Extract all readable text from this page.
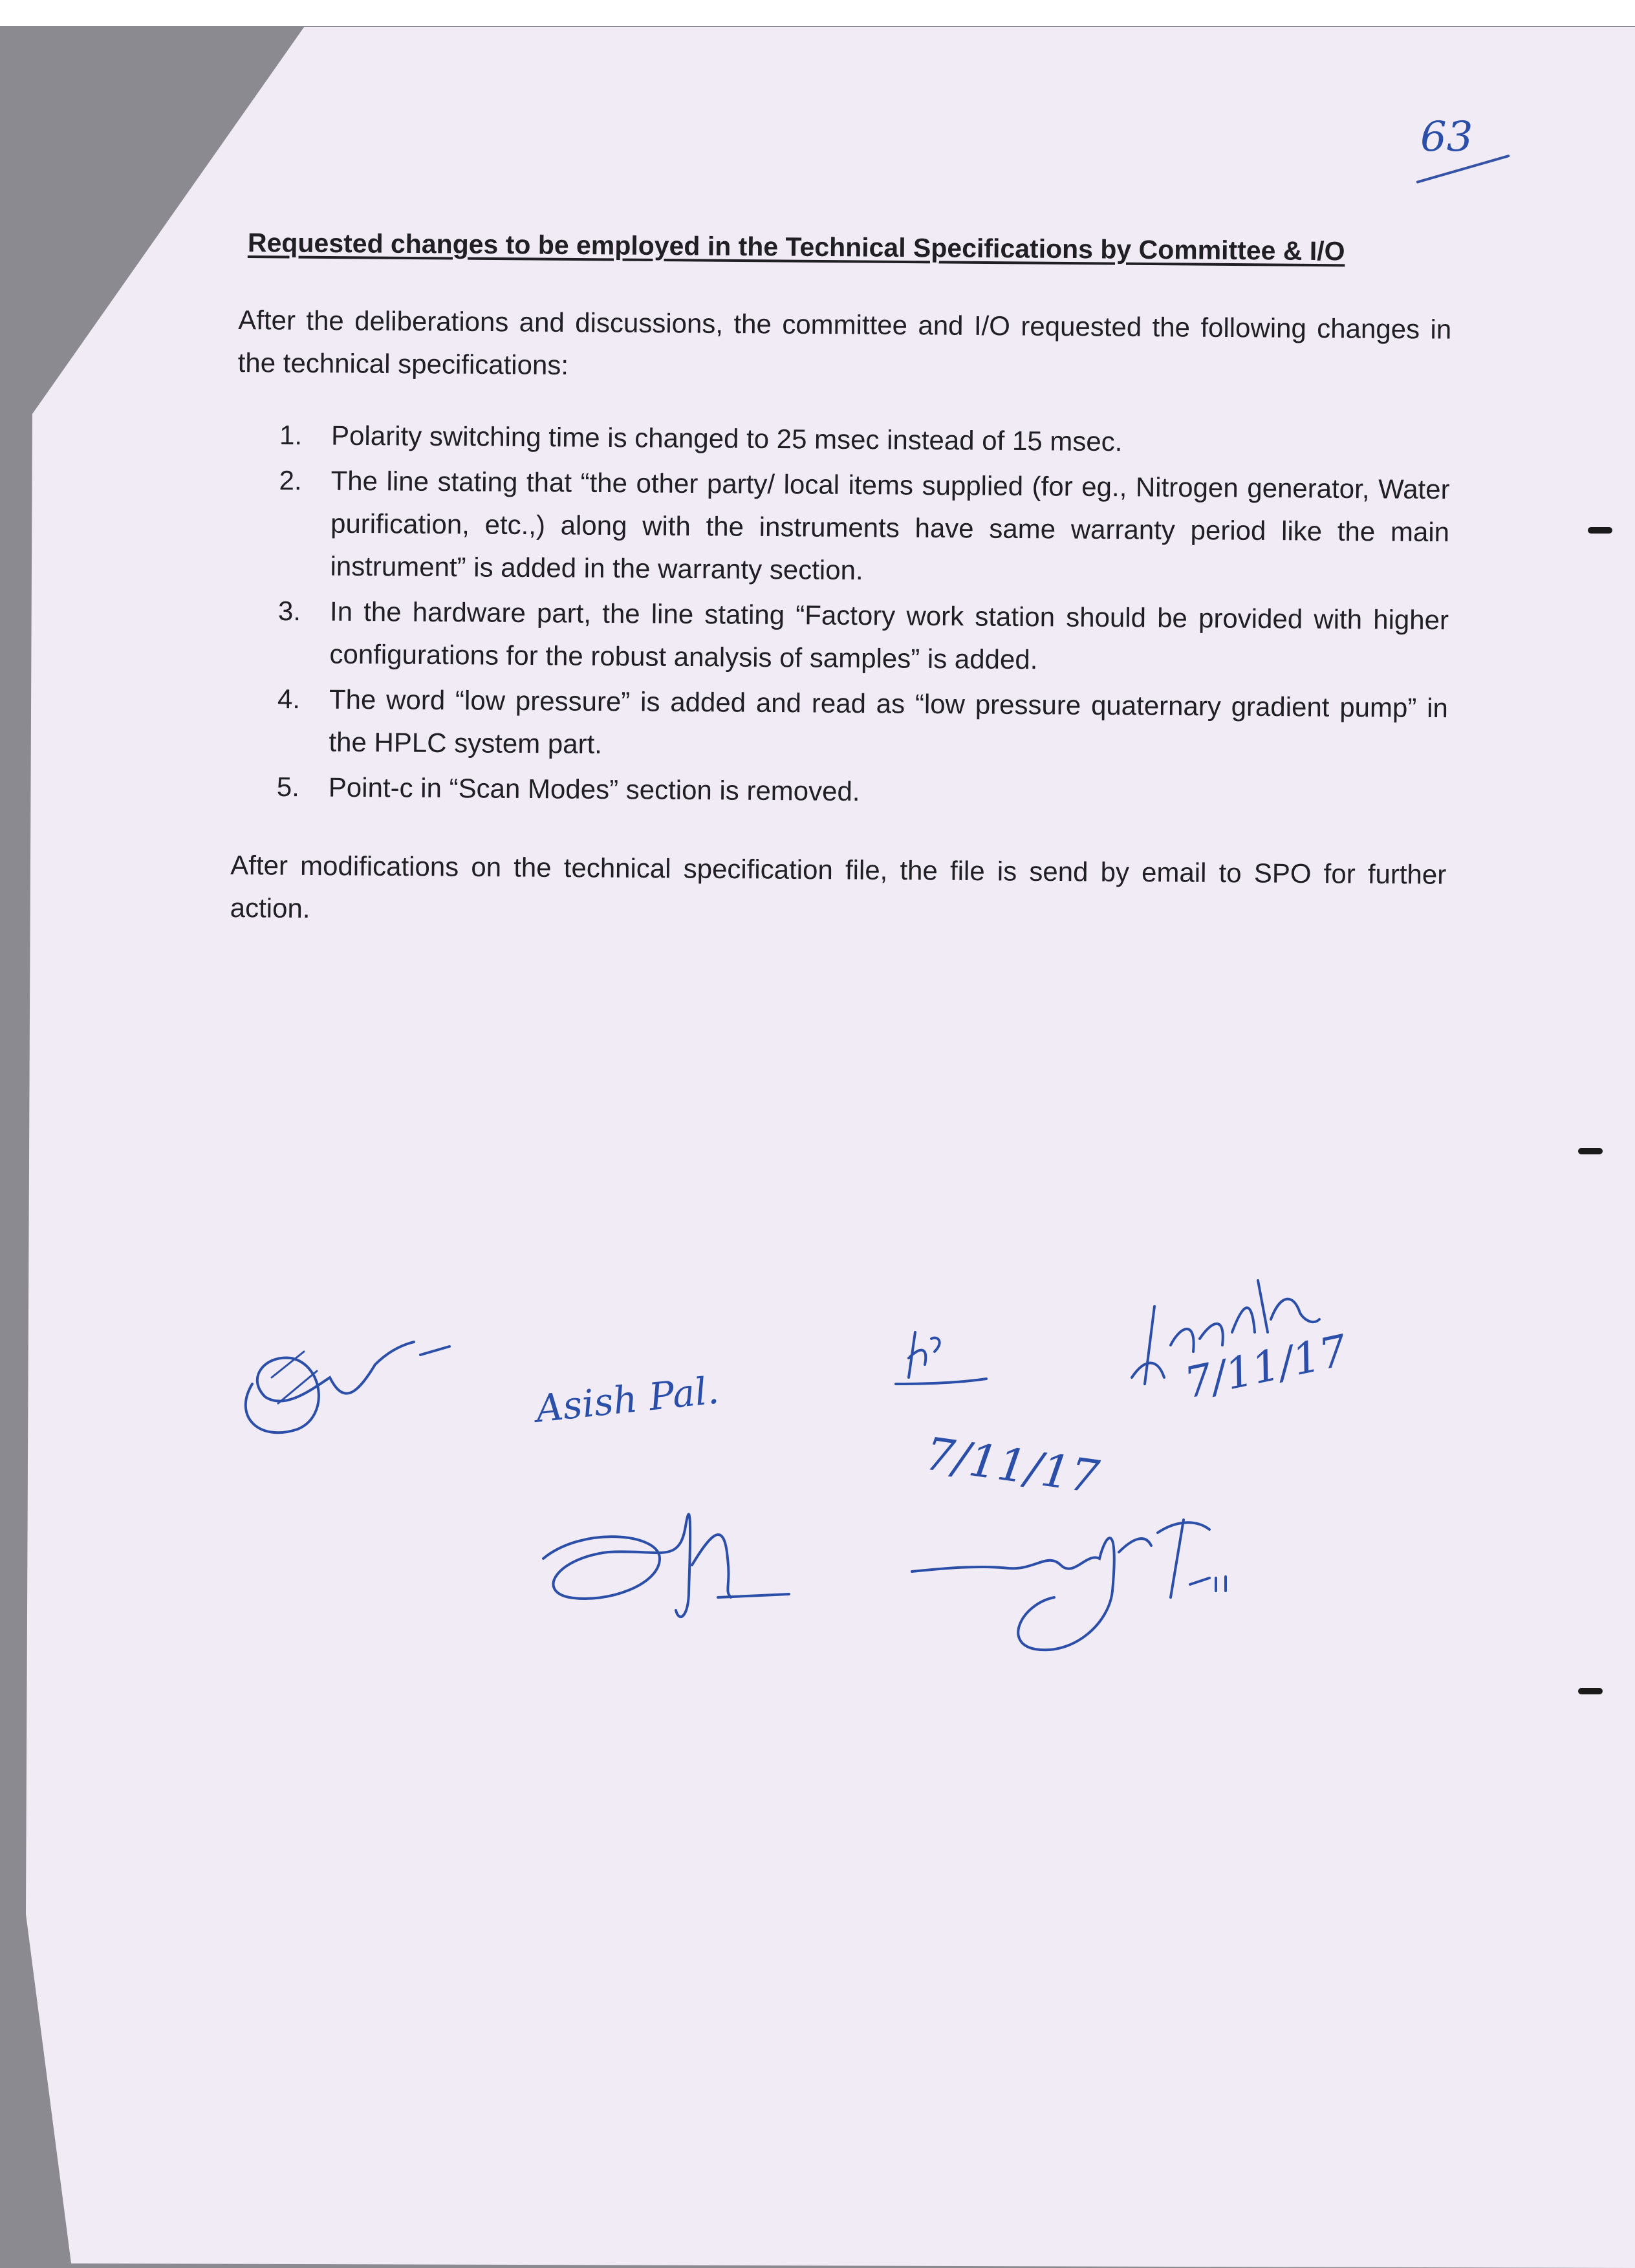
63
Requested changes to be employed in the Technical Specifications by Committee & I/O
After the deliberations and discussions, the committee and I/O requested the following changes in the technical specifications:
1.	Polarity switching time is changed to 25 msec instead of 15 msec.
2.	The line stating that “the other party/ local items supplied (for eg., Nitrogen generator, Water purification, etc.,) along with the instruments have same warranty period like the main instrument” is added in the warranty section.
3.	In the hardware part, the line stating “Factory work station should be provided with higher configurations for the robust analysis of samples” is added.
4.	The word “low pressure” is added and read as “low pressure quaternary gradient pump” in the HPLC system part.
5.	Point-c in “Scan Modes” section is removed.
After modifications on the technical specification file, the file is send by email to SPO for further action.
Asish Pal.
7/11/17
7/11/17
